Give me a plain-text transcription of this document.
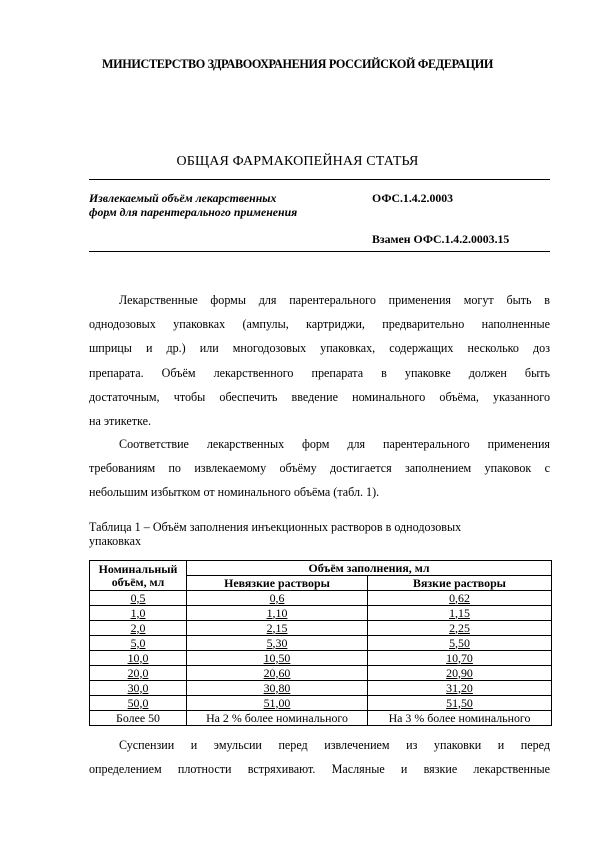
МИНИСТЕРСТВО ЗДРАВООХРАНЕНИЯ РОССИЙСКОЙ ФЕДЕРАЦИИ
ОБЩАЯ ФАРМАКОПЕЙНАЯ СТАТЬЯ
Извлекаемый объём лекарственных
форм для парентерального применения
ОФС.1.4.2.0003
Взамен ОФС.1.4.2.0003.15
Лекарственные формы для парентерального применения могут быть в
однодозовых упаковках (ампулы, картриджи, предварительно наполненные
шприцы и др.) или многодозовых упаковках, содержащих несколько доз
препарата. Объём лекарственного препарата в упаковке должен быть
достаточным, чтобы обеспечить введение номинального объёма, указанного
на этикетке.
Соответствие лекарственных форм для парентерального применения
требованиям по извлекаемому объёму достигается заполнением упаковок с
небольшим избытком от номинального объёма (табл. 1).
Таблица 1 – Объём заполнения инъекционных растворов в однодозовых
упаковках
Номинальный
объём, мл	Объём заполнения, мл	
	Невязкие растворы	Вязкие растворы
0,5	0,6	0,62
1,0	1,10	1,15
2,0	2,15	2,25
5,0	5,30	5,50
10,0	10,50	10,70
20,0	20,60	20,90
30,0	30,80	31,20
50,0	51,00	51,50
Более 50	На 2 % более номинального	На 3 % более номинального
Суспензии и эмульсии перед извлечением из упаковки и перед
определением плотности встряхивают. Масляные и вязкие лекарственные
